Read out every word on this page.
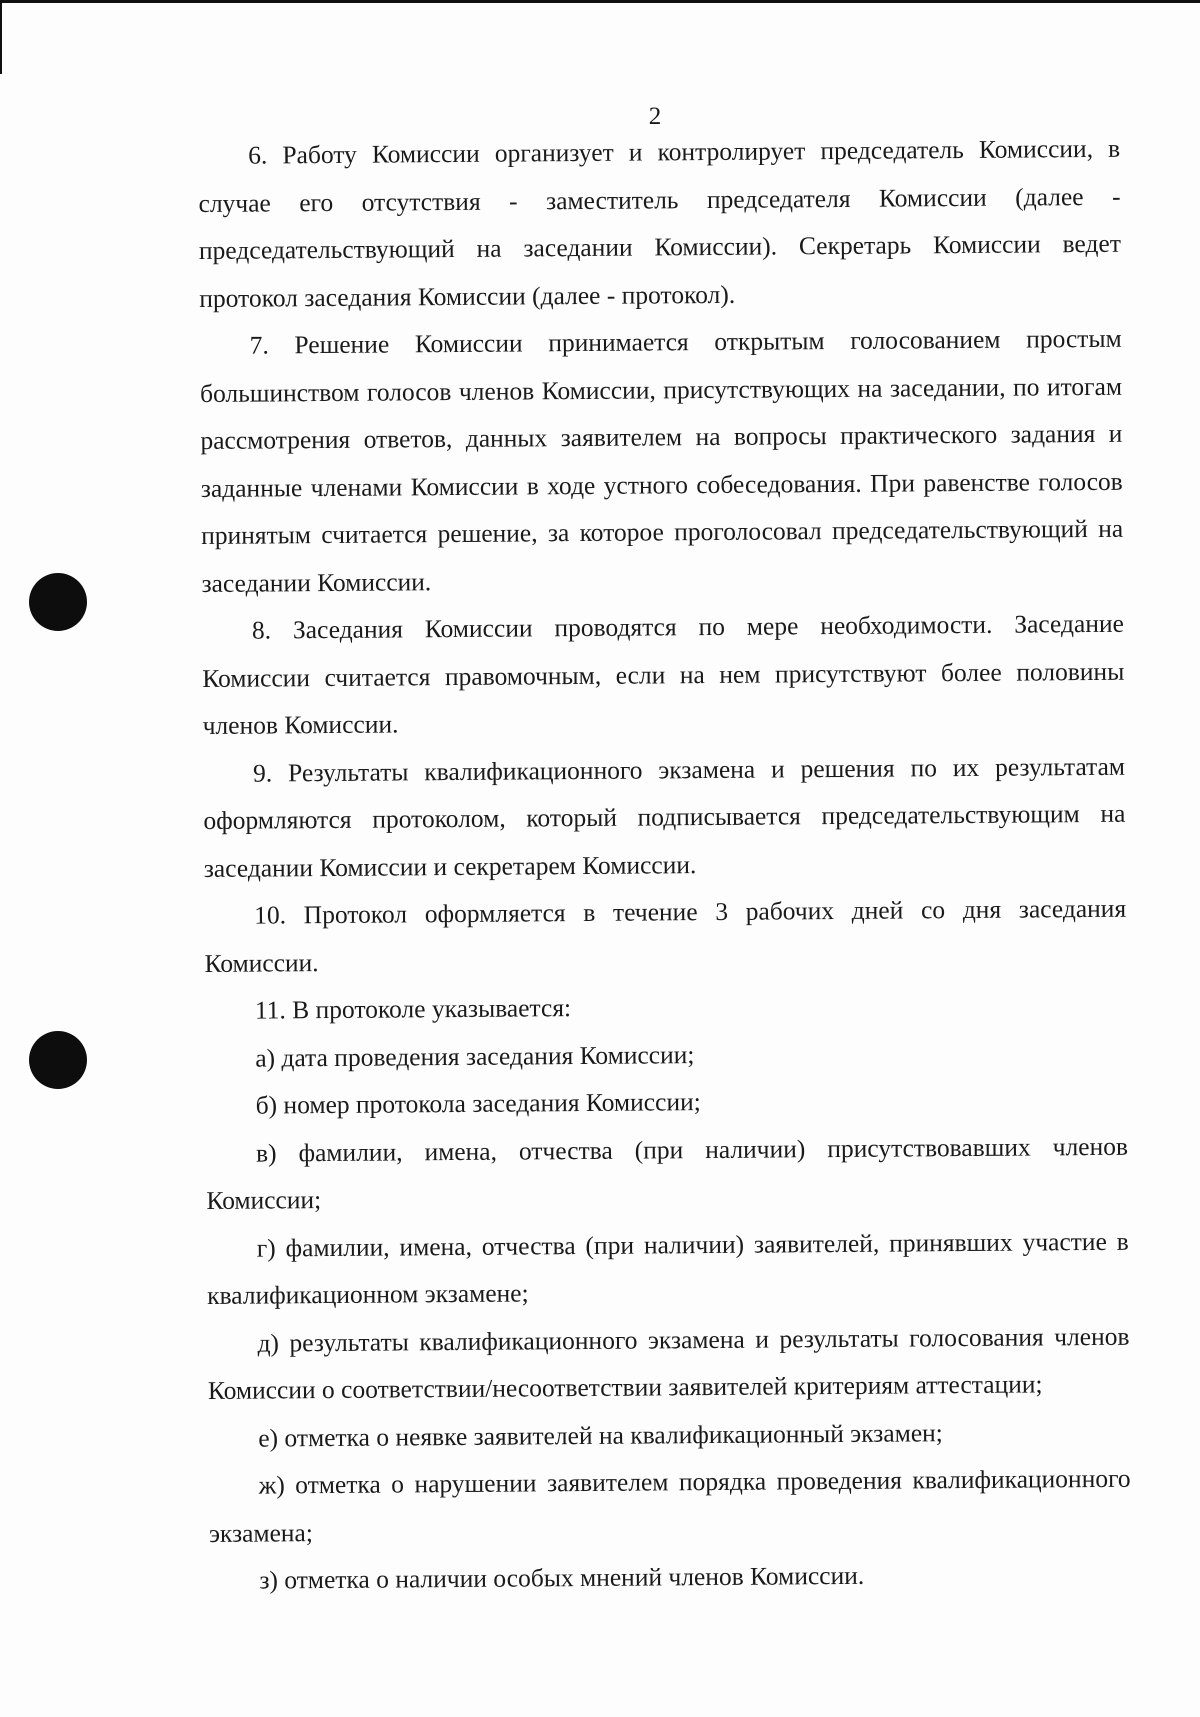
2

6. Работу Комиссии организует и контролирует председатель Комиссии, в случае его отсутствия - заместитель председателя Комиссии (далее - председательствующий на заседании Комиссии). Секретарь Комиссии ведет протокол заседания Комиссии (далее - протокол).

7. Решение Комиссии принимается открытым голосованием простым большинством голосов членов Комиссии, присутствующих на заседании, по итогам рассмотрения ответов, данных заявителем на вопросы практического задания и заданные членами Комиссии в ходе устного собеседования. При равенстве голосов принятым считается решение, за которое проголосовал председательствующий на заседании Комиссии.

8. Заседания Комиссии проводятся по мере необходимости. Заседание Комиссии считается правомочным, если на нем присутствуют более половины членов Комиссии.

9. Результаты квалификационного экзамена и решения по их результатам оформляются протоколом, который подписывается председательствующим на заседании Комиссии и секретарем Комиссии.

10. Протокол оформляется в течение 3 рабочих дней со дня заседания Комиссии.

11. В протоколе указывается:

а) дата проведения заседания Комиссии;

б) номер протокола заседания Комиссии;

в) фамилии, имена, отчества (при наличии) присутствовавших членов Комиссии;

г) фамилии, имена, отчества (при наличии) заявителей, принявших участие в квалификационном экзамене;

д) результаты квалификационного экзамена и результаты голосования членов Комиссии о соответствии/несоответствии заявителей критериям аттестации;

е) отметка о неявке заявителей на квалификационный экзамен;

ж) отметка о нарушении заявителем порядка проведения квалификационного экзамена;

з) отметка о наличии особых мнений членов Комиссии.
